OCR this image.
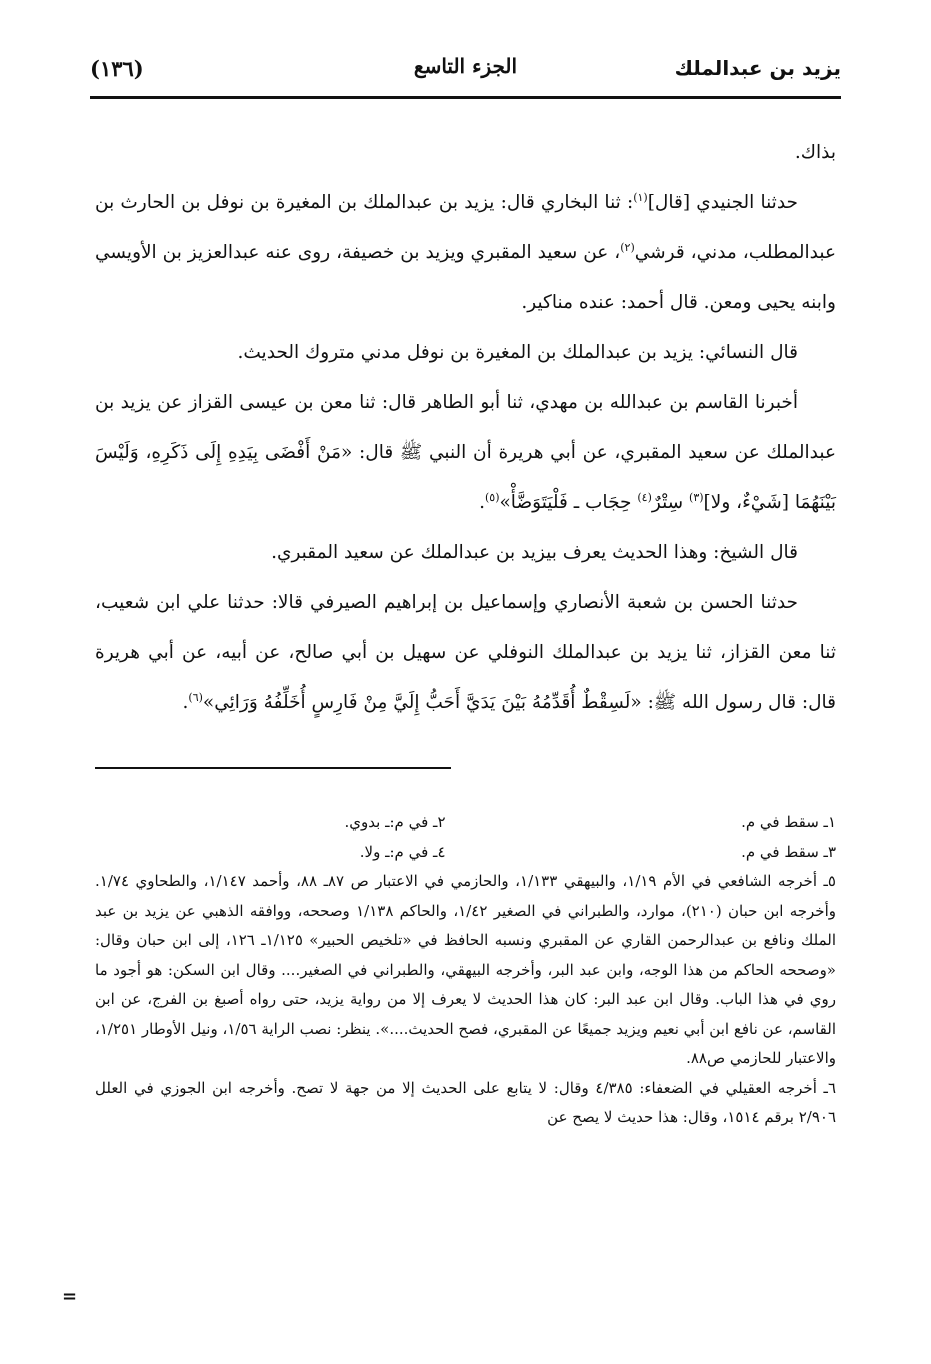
يزيد بن عبدالملك
الجزء التاسع
(١٣٦)
بذاك.
حدثنا الجنيدي [قال]$^{(١)}$: ثنا البخاري قال: يزيد بن عبدالملك بن المغيرة بن نوفل بن الحارث بن عبدالمطلب، مدني، قرشي$^{(٢)}$، عن سعيد المقبري ويزيد بن خصيفة، روى عنه عبدالعزيز بن الأويسي وابنه يحيى ومعن. قال أحمد: عنده مناكير.
قال النسائي: يزيد بن عبدالملك بن المغيرة بن نوفل مدني متروك الحديث.
أخبرنا القاسم بن عبدالله بن مهدي، ثنا أبو الطاهر قال: ثنا معن بن عيسى القزاز عن يزيد بن عبدالملك عن سعيد المقبري، عن أبي هريرة أن النبي ﷺ قال: «مَنْ أَفْضَى بِيَدِهِ إِلَى ذَكَرِهِ، وَلَيْسَ بَيْنَهُمَا [شَيْءٌ، ولا]$^{(٣)}$ سِتْرٌ$^{(٤)}$ حِجَاب ـ فَلْيَتَوَضَّأْ»$^{(٥)}$.
قال الشيخ: وهذا الحديث يعرف بيزيد بن عبدالملك عن سعيد المقبري.
حدثنا الحسن بن شعبة الأنصاري وإسماعيل بن إبراهيم الصيرفي قالا: حدثنا علي ابن شعيب، ثنا معن القزاز، ثنا يزيد بن عبدالملك النوفلي عن سهيل بن أبي صالح، عن أبيه، عن أبي هريرة قال: قال رسول الله ﷺ: «لَسِقْطٌ أُقَدِّمُهُ بَيْنَ يَدَيَّ أَحَبُّ إِلَيَّ مِنْ فَارِسٍ أُخَلِّفُهُ وَرَائِي»$^{(٦)}$.
١ـ سقط في م.
٢ـ في م:ـ بدوي.
٣ـ سقط في م.
٤ـ في م:ـ ولا.
٥ـ أخرجه الشافعي في الأم ١/١٩، والبيهقي ١/١٣٣، والحازمي في الاعتبار ص ٨٧ـ ٨٨، وأحمد ١/١٤٧، والطحاوي ١/٧٤. وأخرجه ابن حبان (٢١٠)، موارد، والطبراني في الصغير ١/٤٢، والحاكم ١/١٣٨ وصححه، ووافقه الذهبي عن يزيد بن عبد الملك ونافع بن عبدالرحمن القاري عن المقبري ونسبه الحافظ في «تلخيص الحبير» ١/١٢٥ـ ١٢٦، إلى ابن حبان وقال: «وصححه الحاكم من هذا الوجه، وابن عبد البر، وأخرجه البيهقي، والطبراني في الصغير.... وقال ابن السكن: هو أجود ما روي في هذا الباب. وقال ابن عبد البر: كان هذا الحديث لا يعرف إلا من رواية يزيد، حتى رواه أصبغ بن الفرج، عن ابن القاسم، عن نافع ابن أبي نعيم ويزيد جميعًا عن المقبري، فصح الحديث....». ينظر: نصب الراية ١/٥٦، ونيل الأوطار ١/٢٥١، والاعتبار للحازمي ص٨٨.
٦ـ أخرجه العقيلي في الضعفاء: ٤/٣٨٥ وقال: لا يتابع على الحديث إلا من جهة لا تصح. وأخرجه ابن الجوزي في العلل ٢/٩٠٦ برقم ١٥١٤، وقال: هذا حديث لا يصح عن
=
